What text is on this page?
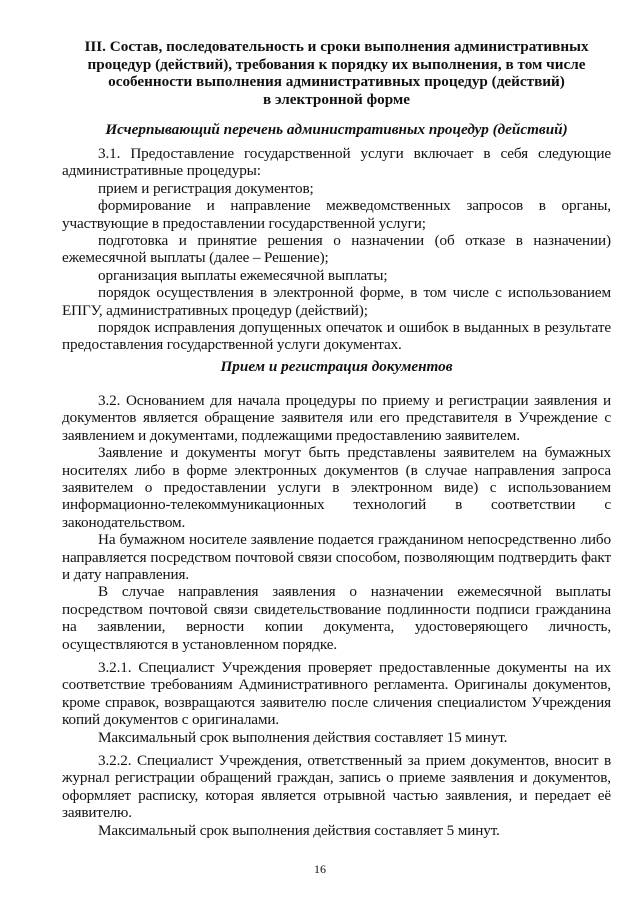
III. Состав, последовательность и сроки выполнения административных
процедур (действий), требования к порядку их выполнения, в том числе
особенности выполнения административных процедур (действий)
в электронной форме
Исчерпывающий перечень административных процедур (действий)

3.1. Предоставление государственной услуги включает в себя следующие административные процедуры:

прием и регистрация документов;

формирование и направление межведомственных запросов в органы, участвующие в предоставлении государственной услуги;

подготовка и принятие решения о назначении (об отказе в назначении) ежемесячной выплаты (далее – Решение);

организация выплаты ежемесячной выплаты;

порядок осуществления в электронной форме, в том числе с использованием ЕПГУ, административных процедур (действий);

порядок исправления допущенных опечаток и ошибок в выданных в результате предоставления государственной услуги документах.

Прием и регистрация документов

3.2. Основанием для начала процедуры по приему и регистрации заявления и документов является обращение заявителя или его представителя в Учреждение с заявлением и документами, подлежащими предоставлению заявителем.

Заявление и документы могут быть представлены заявителем на бумажных носителях либо в форме электронных документов (в случае направления запроса заявителем о предоставлении услуги в электронном виде) с использованием информационно-телекоммуникационных технологий в соответствии с законодательством.

На бумажном носителе заявление подается гражданином непосредственно либо направляется посредством почтовой связи способом, позволяющим подтвердить факт и дату направления.

В случае направления заявления о назначении ежемесячной выплаты посредством почтовой связи свидетельствование подлинности подписи гражданина на заявлении, верности копии документа, удостоверяющего личность, осуществляются в установленном порядке.

3.2.1. Специалист Учреждения проверяет предоставленные документы на их соответствие требованиям Административного регламента. Оригиналы документов, кроме справок, возвращаются заявителю после сличения специалистом Учреждения копий документов с оригиналами.

Максимальный срок выполнения действия составляет 15 минут.

3.2.2. Специалист Учреждения, ответственный за прием документов, вносит в журнал регистрации обращений граждан, запись о приеме заявления и документов, оформляет расписку, которая является отрывной частью заявления, и передает её заявителю.

Максимальный срок выполнения действия составляет 5 минут.

16
